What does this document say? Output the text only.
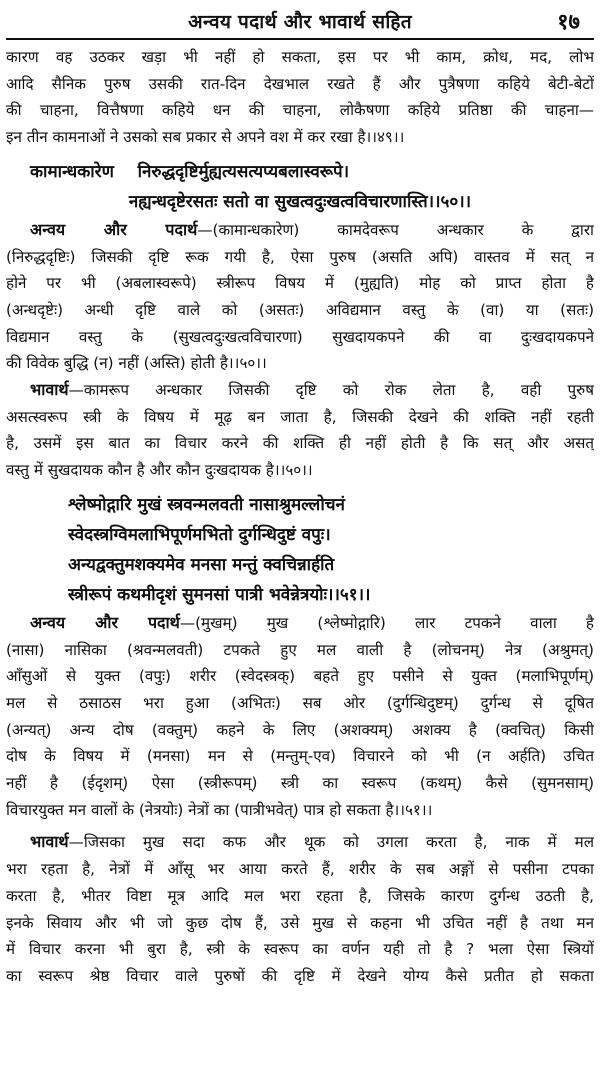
अन्वय पदार्थ और भावार्थ सहित	१७
कारण वह उठकर खड़ा भी नहीं हो सकता, इस पर भी काम, क्रोध, मद, लोभ
आदि सैनिक पुरुष उसकी रात-दिन देखभाल रखते हैं और पुत्रैषणा कहिये बेटी-बेटों
की चाहना, वित्तैषणा कहिये धन की चाहना, लोकैषणा कहिये प्रतिष्ठा की चाहना—
इन तीन कामनाओं ने उसको सब प्रकार से अपने वश में कर रखा है।।४९।।
कामान्धकारेण    निरुद्धदृष्टिर्मुह्यत्यसत्यप्यबलास्वरूपे।
नह्यन्धदृष्टेरसतः सतो वा सुखत्वदुःखत्वविचारणास्ति।।५०।।
अन्वय और पदार्थ—(कामान्धकारेण) कामदेवरूप अन्धकार के द्वारा
(निरुद्धदृष्टिः) जिसकी दृष्टि रूक गयी है, ऐसा पुरुष (असति अपि) वास्तव में सत् न
होने पर भी (अबलास्वरूपे) स्त्रीरूप विषय में (मुह्यति) मोह को प्राप्त होता है
(अन्धदृष्टेः) अन्धी दृष्टि वाले को (असतः) अविद्यमान वस्तु के (वा) या (सतः)
विद्यमान वस्तु के (सुखत्वदुःखत्वविचारणा) सुखदायकपने की वा दुःखदायकपने
की विवेक बुद्धि (न) नहीं (अस्ति) होती है।।५०।।
भावार्थ—कामरूप अन्धकार जिसकी दृष्टि को रोक लेता है, वही पुरुष
असत्स्वरूप स्त्री के विषय में मूढ़ बन जाता है, जिसकी देखने की शक्ति नहीं रहती
है, उसमें इस बात का विचार करने की शक्ति ही नहीं होती है कि सत् और असत्
वस्तु में सुखदायक कौन है और कौन दुःखदायक है।।५०।।
श्लेष्मोद्गारि मुखं स्त्रवन्मलवती नासाश्रुमल्लोचनं
स्वेदस्त्रग्विमलाभिपूर्णमभितो दुर्गन्धिदुष्टं वपुः।
अन्यद्वक्तुमशक्यमेव मनसा मन्तुं क्वचिन्नार्हति
स्त्रीरूपं कथमीदृशं सुमनसां पात्री भवेन्नेत्रयोः।।५१।।
अन्वय और पदार्थ—(मुखम्) मुख (श्लेष्मोद्गारि) लार टपकने वाला है
(नासा) नासिका (श्रवन्मलवती) टपकते हुए मल वाली है (लोचनम्) नेत्र (अश्रुमत्)
आँसुओं से युक्त (वपुः) शरीर (स्वेदस्त्रक्) बहते हुए पसीने से युक्त (मलाभिपूर्णम्)
मल से ठसाठस भरा हुआ (अभितः) सब ओर (दुर्गन्धिदुष्टम्) दुर्गन्ध से दूषित
(अन्यत्) अन्य दोष (वक्तुम्) कहने के लिए (अशक्यम्) अशक्य है (क्वचित्) किसी
दोष के विषय में (मनसा) मन से (मन्तुम्-एव) विचारने को भी (न अर्हति) उचित
नहीं है (ईदृशम्) ऐसा (स्त्रीरूपम्) स्त्री का स्वरूप (कथम्) कैसे (सुमनसाम्)
विचारयुक्त मन वालों के (नेत्रयोः) नेत्रों का (पात्रीभवेत्) पात्र हो सकता है।।५१।।
भावार्थ—जिसका मुख सदा कफ और थूक को उगला करता है, नाक में मल
भरा रहता है, नेत्रों में आँसू भर आया करते हैं, शरीर के सब अङ्गों से पसीना टपका
करता है, भीतर विष्टा मूत्र आदि मल भरा रहता है, जिसके कारण दुर्गन्ध उठती है,
इनके सिवाय और भी जो कुछ दोष हैं, उसे मुख से कहना भी उचित नहीं है तथा मन
में विचार करना भी बुरा है, स्त्री के स्वरूप का वर्णन यही तो है ? भला ऐसा स्त्रियों
का स्वरूप श्रेष्ठ विचार वाले पुरुषों की दृष्टि में देखने योग्य कैसे प्रतीत हो सकता
